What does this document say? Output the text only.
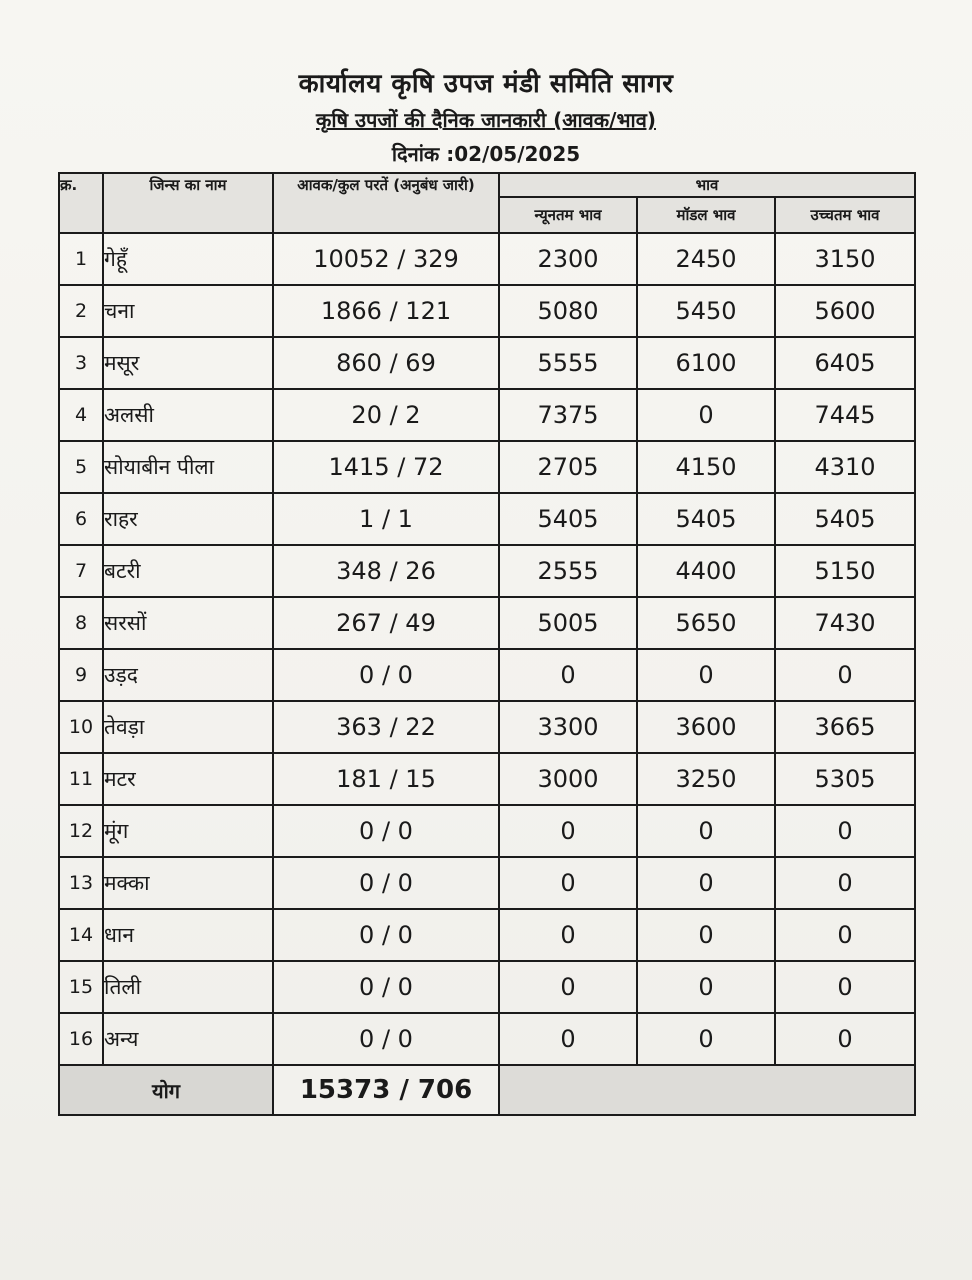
कार्यालय कृषि उपज मंडी समिति सागर
कृषि उपजों की दैनिक जानकारी (आवक/भाव)
दिनांक :02/05/2025
क्र.	जिन्स का नाम	आवक/कुल परतें (अनुबंध जारी)	भाव		
			न्यूनतम भाव	मॉडल भाव	उच्चतम भाव
1	गेहूँ	10052 / 329	2300	2450	3150
2	चना	1866 / 121	5080	5450	5600
3	मसूर	860 / 69	5555	6100	6405
4	अलसी	20 / 2	7375	0	7445
5	सोयाबीन पीला	1415 / 72	2705	4150	4310
6	राहर	1 / 1	5405	5405	5405
7	बटरी	348 / 26	2555	4400	5150
8	सरसों	267 / 49	5005	5650	7430
9	उड़द	0 / 0	0	0	0
10	तेवड़ा	363 / 22	3300	3600	3665
11	मटर	181 / 15	3000	3250	5305
12	मूंग	0 / 0	0	0	0
13	मक्का	0 / 0	0	0	0
14	धान	0 / 0	0	0	0
15	तिली	0 / 0	0	0	0
16	अन्य	0 / 0	0	0	0
योग		15373 / 706			
